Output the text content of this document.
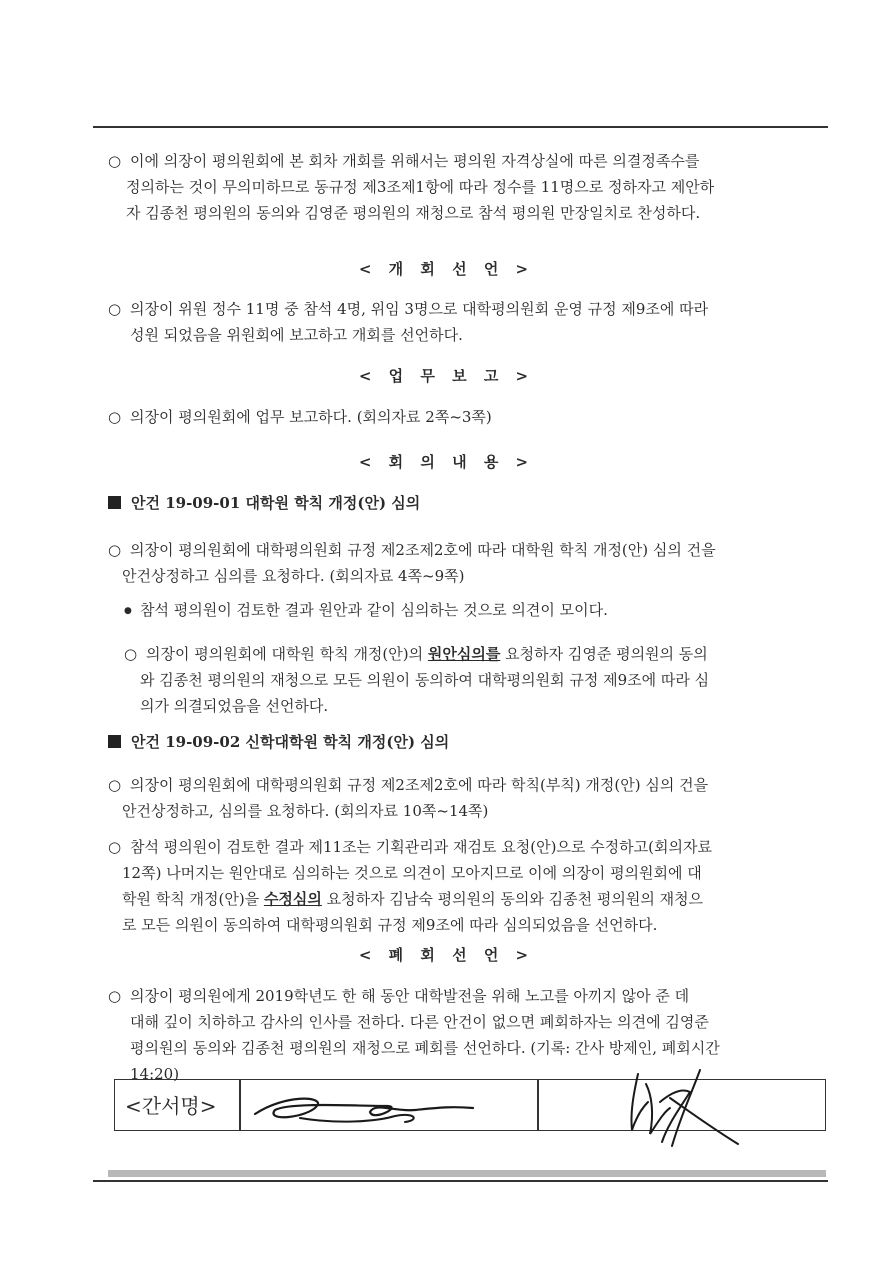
○ 이에 의장이 평의원회에 본 회차 개회를 위해서는 평의원 자격상실에 따른 의결정족수를
정의하는 것이 무의미하므로 동규정 제3조제1항에 따라 정수를 11명으로 정하자고 제안하
자 김종천 평의원의 동의와 김영준 평의원의 재청으로 참석 평의원 만장일치로 찬성하다.
< 개 회 선 언 >
○ 의장이 위원 정수 11명 중 참석 4명, 위임 3명으로 대학평의원회 운영 규정 제9조에 따라
성원 되었음을 위원회에 보고하고 개회를 선언하다.
< 업 무 보 고 >
○ 의장이 평의원회에 업무 보고하다. (회의자료 2쪽~3쪽)
< 회 의 내 용 >
안건 19-09-01 대학원 학칙 개정(안) 심의
○ 의장이 평의원회에 대학평의원회 규정 제2조제2호에 따라 대학원 학칙 개정(안) 심의 건을
안건상정하고 심의를 요청하다. (회의자료 4쪽~9쪽)
● 참석 평의원이 검토한 결과 원안과 같이 심의하는 것으로 의견이 모이다.
○ 의장이 평의원회에 대학원 학칙 개정(안)의 원안심의를 요청하자 김영준 평의원의 동의
와 김종천 평의원의 재청으로 모든 의원이 동의하여 대학평의원회 규정 제9조에 따라 심
의가 의결되었음을 선언하다.
안건 19-09-02 신학대학원 학칙 개정(안) 심의
○ 의장이 평의원회에 대학평의원회 규정 제2조제2호에 따라 학칙(부칙) 개정(안) 심의 건을
안건상정하고, 심의를 요청하다. (회의자료 10쪽~14쪽)
○ 참석 평의원이 검토한 결과 제11조는 기획관리과 재검토 요청(안)으로 수정하고(회의자료
12쪽) 나머지는 원안대로 심의하는 것으로 의견이 모아지므로 이에 의장이 평의원회에 대
학원 학칙 개정(안)을 수정심의 요청하자 김남숙 평의원의 동의와 김종천 평의원의 재청으
로 모든 의원이 동의하여 대학평의원회 규정 제9조에 따라 심의되었음을 선언하다.
< 폐 회 선 언 >
○ 의장이 평의원에게 2019학년도 한 해 동안 대학발전을 위해 노고를 아끼지 않아 준 데
대해 깊이 치하하고 감사의 인사를 전하다. 다른 안건이 없으면 폐회하자는 의견에 김영준
평의원의 동의와 김종천 평의원의 재청으로 폐회를 선언하다. (기록: 간사 방제인, 폐회시간
14:20)
<간서명>
